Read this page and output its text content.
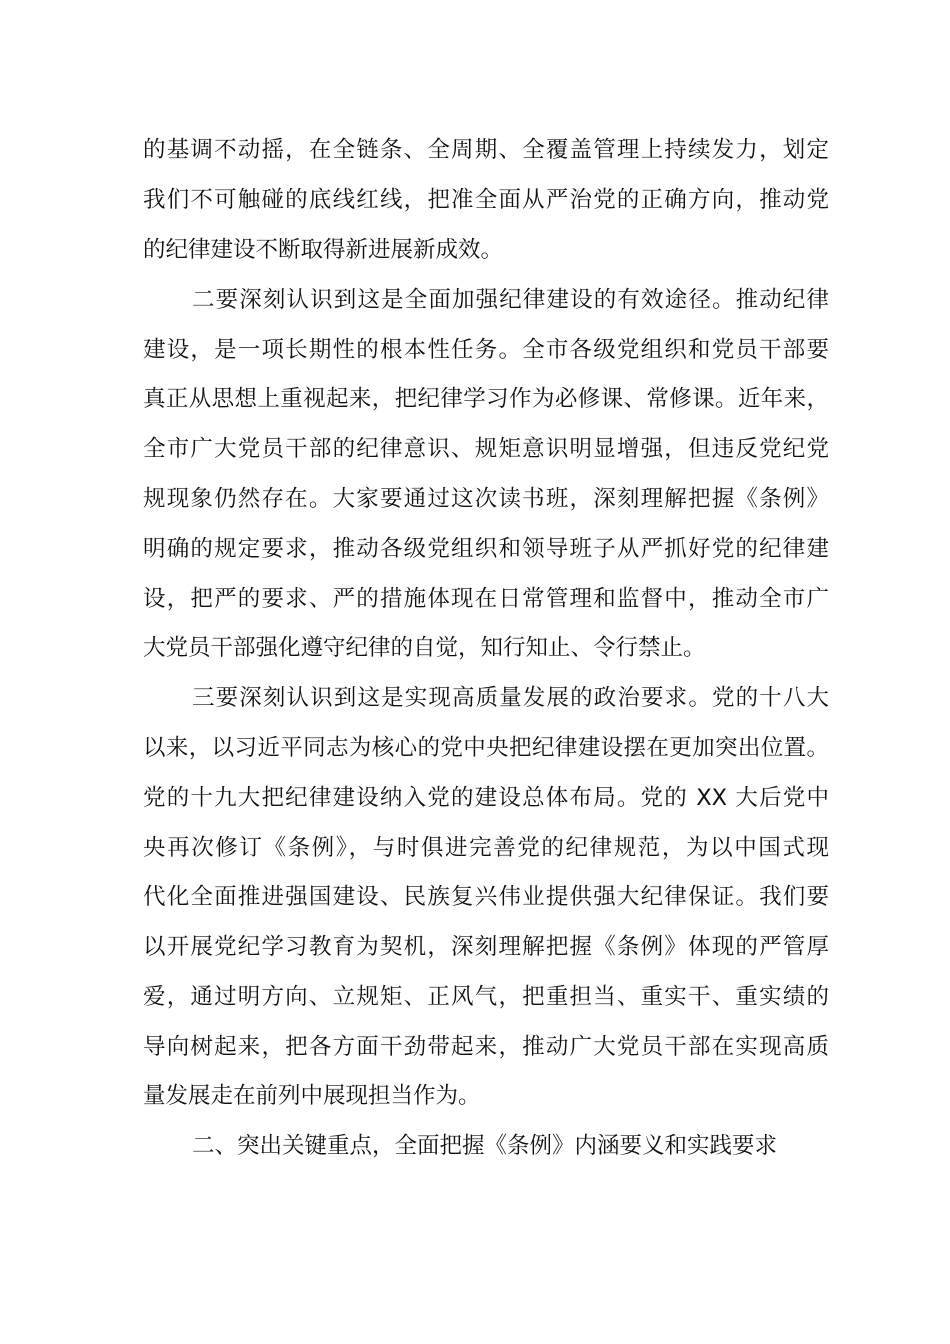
的基调不动摇，在全链条、全周期、全覆盖管理上持续发力，划定
我们不可触碰的底线红线，把准全面从严治党的正确方向，推动党
的纪律建设不断取得新进展新成效。
二要深刻认识到这是全面加强纪律建设的有效途径。推动纪律
建设，是一项长期性的根本性任务。全市各级党组织和党员干部要
真正从思想上重视起来，把纪律学习作为必修课、常修课。近年来，
全市广大党员干部的纪律意识、规矩意识明显增强，但违反党纪党
规现象仍然存在。大家要通过这次读书班，深刻理解把握《条例》
明确的规定要求，推动各级党组织和领导班子从严抓好党的纪律建
设，把严的要求、严的措施体现在日常管理和监督中，推动全市广
大党员干部强化遵守纪律的自觉，知行知止、令行禁止。
三要深刻认识到这是实现高质量发展的政治要求。党的十八大
以来，以习近平同志为核心的党中央把纪律建设摆在更加突出位置。
党的十九大把纪律建设纳入党的建设总体布局。党的 XX 大后党中
央再次修订《条例》，与时俱进完善党的纪律规范，为以中国式现
代化全面推进强国建设、民族复兴伟业提供强大纪律保证。我们要
以开展党纪学习教育为契机，深刻理解把握《条例》体现的严管厚
爱，通过明方向、立规矩、正风气，把重担当、重实干、重实绩的
导向树起来，把各方面干劲带起来，推动广大党员干部在实现高质
量发展走在前列中展现担当作为。
二、突出关键重点，全面把握《条例》内涵要义和实践要求
